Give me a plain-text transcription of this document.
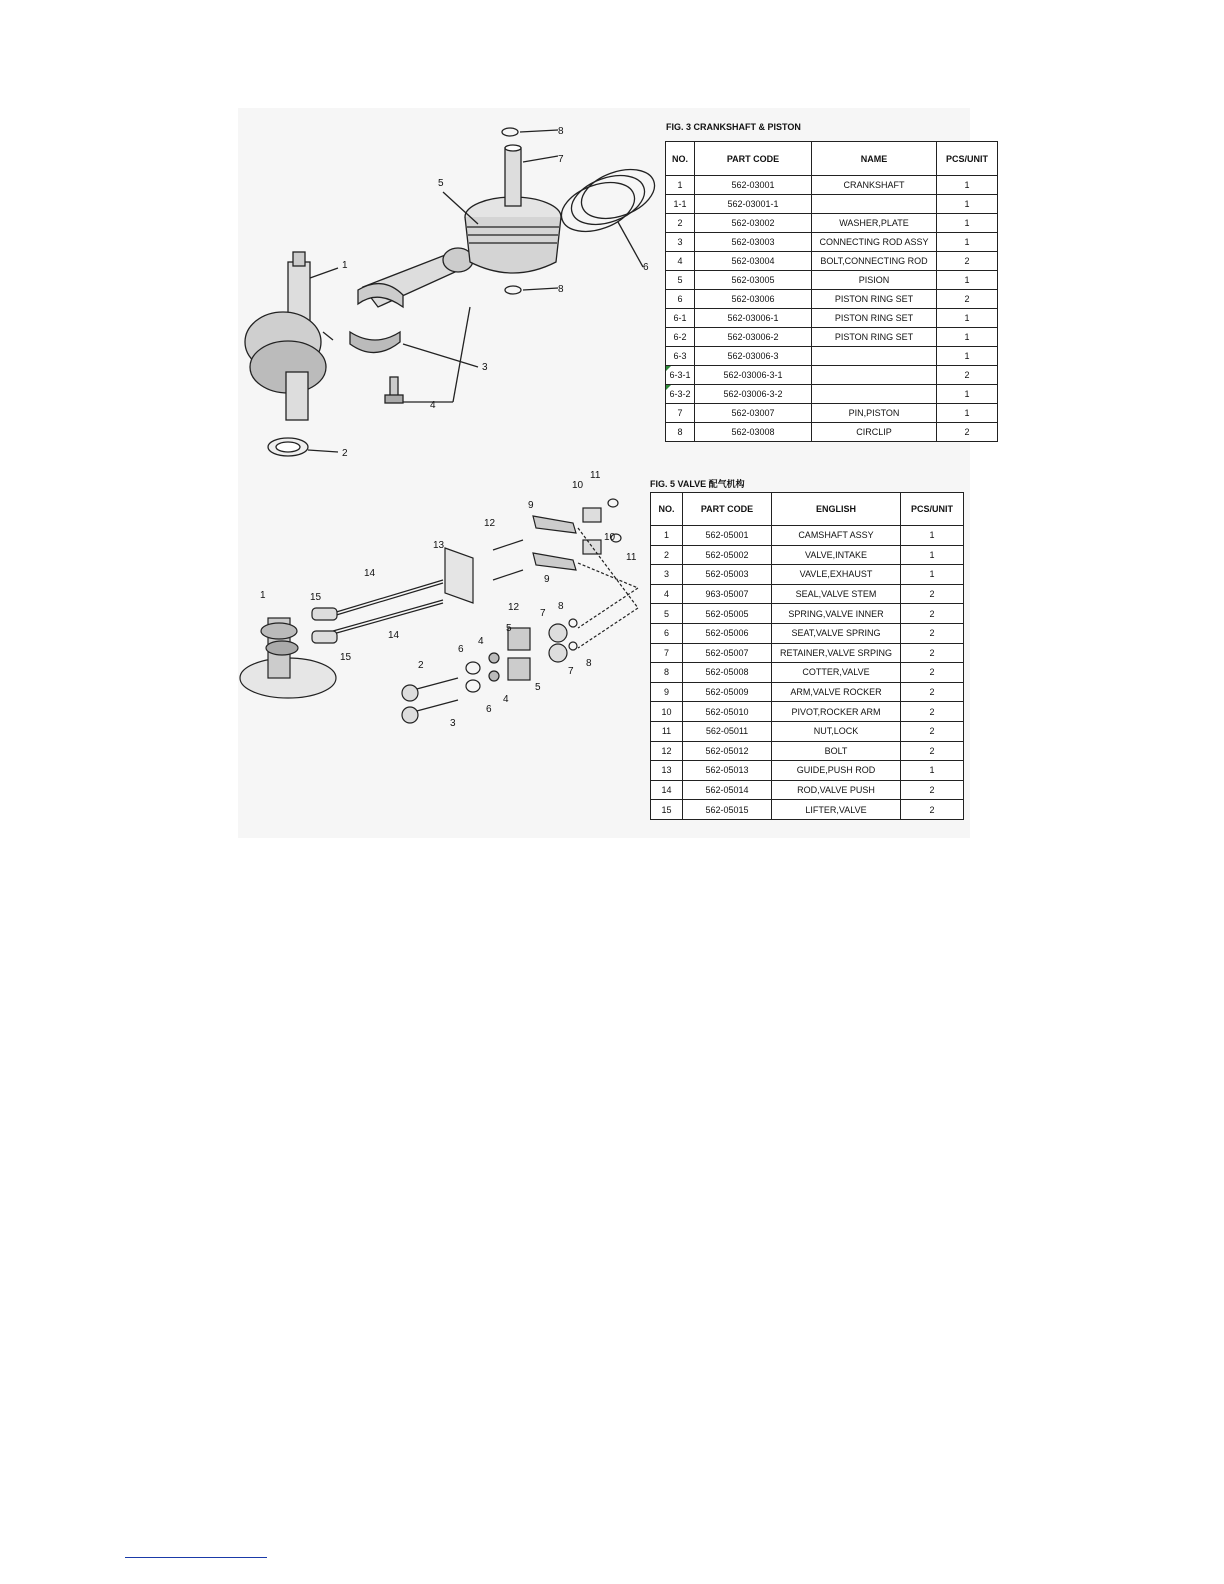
1
2
3
4
5
6
7
8
8
FIG. 3 CRANKSHAFT & PISTON
NO.	PART CODE	NAME	PCS/UNIT
1	562-03001	CRANKSHAFT	1
1-1	562-03001-1		1
2	562-03002	WASHER,PLATE	1
3	562-03003	CONNECTING ROD ASSY	1
4	562-03004	BOLT,CONNECTING ROD	2
5	562-03005	PISION	1
6	562-03006	PISTON RING SET	2
6-1	562-03006-1	PISTON RING SET	1
6-2	562-03006-2	PISTON RING SET	1
6-3	562-03006-3		1
6-3-1	562-03006-3-1		2
6-3-2	562-03006-3-2		1
7	562-03007	PIN,PISTON	1
8	562-03008	CIRCLIP	2
1
2
3
4
4
5
5
6
6
7
7
8
8
9
9
10
10
11
11
12
12
13
14
14
15
15
FIG. 5 VALVE 配气机构
NO.	PART CODE	ENGLISH	PCS/UNIT
1	562-05001	CAMSHAFT ASSY	1
2	562-05002	VALVE,INTAKE	1
3	562-05003	VAVLE,EXHAUST	1
4	963-05007	SEAL,VALVE STEM	2
5	562-05005	SPRING,VALVE INNER	2
6	562-05006	SEAT,VALVE SPRING	2
7	562-05007	RETAINER,VALVE SRPING	2
8	562-05008	COTTER,VALVE	2
9	562-05009	ARM,VALVE ROCKER	2
10	562-05010	PIVOT,ROCKER ARM	2
11	562-05011	NUT,LOCK	2
12	562-05012	BOLT	2
13	562-05013	GUIDE,PUSH ROD	1
14	562-05014	ROD,VALVE PUSH	2
15	562-05015	LIFTER,VALVE	2
